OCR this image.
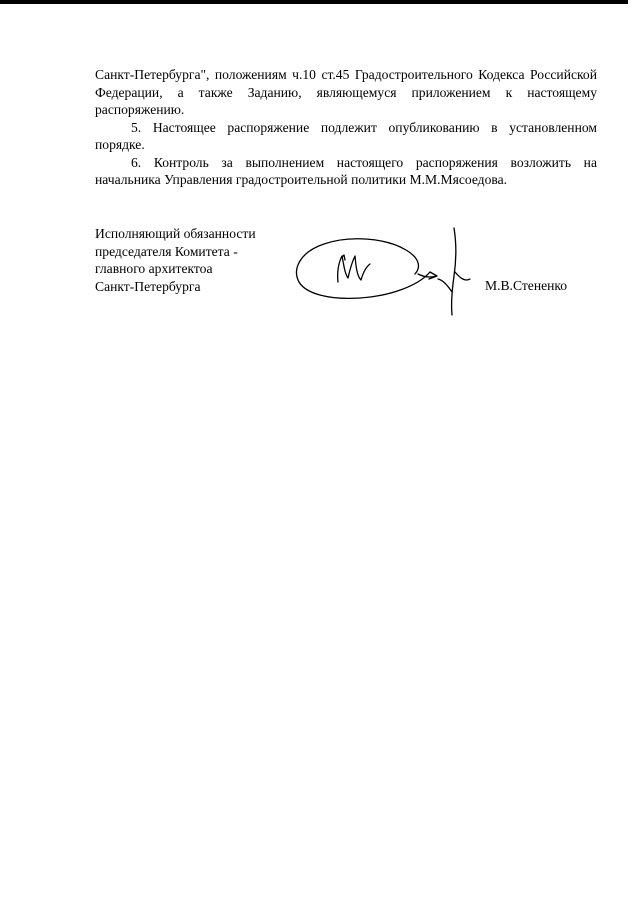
Санкт-Петербурга", положениям ч.10 ст.45 Градостроительного Кодекса Российской Федерации, а также Заданию, являющемуся приложением к настоящему распоряжению.

5. Настоящее распоряжение подлежит опубликованию в установленном порядке.

6. Контроль за выполнением настоящего распоряжения возложить на начальника Управления градостроительной политики М.М.Мясоедова.

Исполняющий обязанности
председателя Комитета -
главного архитектоа
Санкт-Петербурга	М.В.Стененко
